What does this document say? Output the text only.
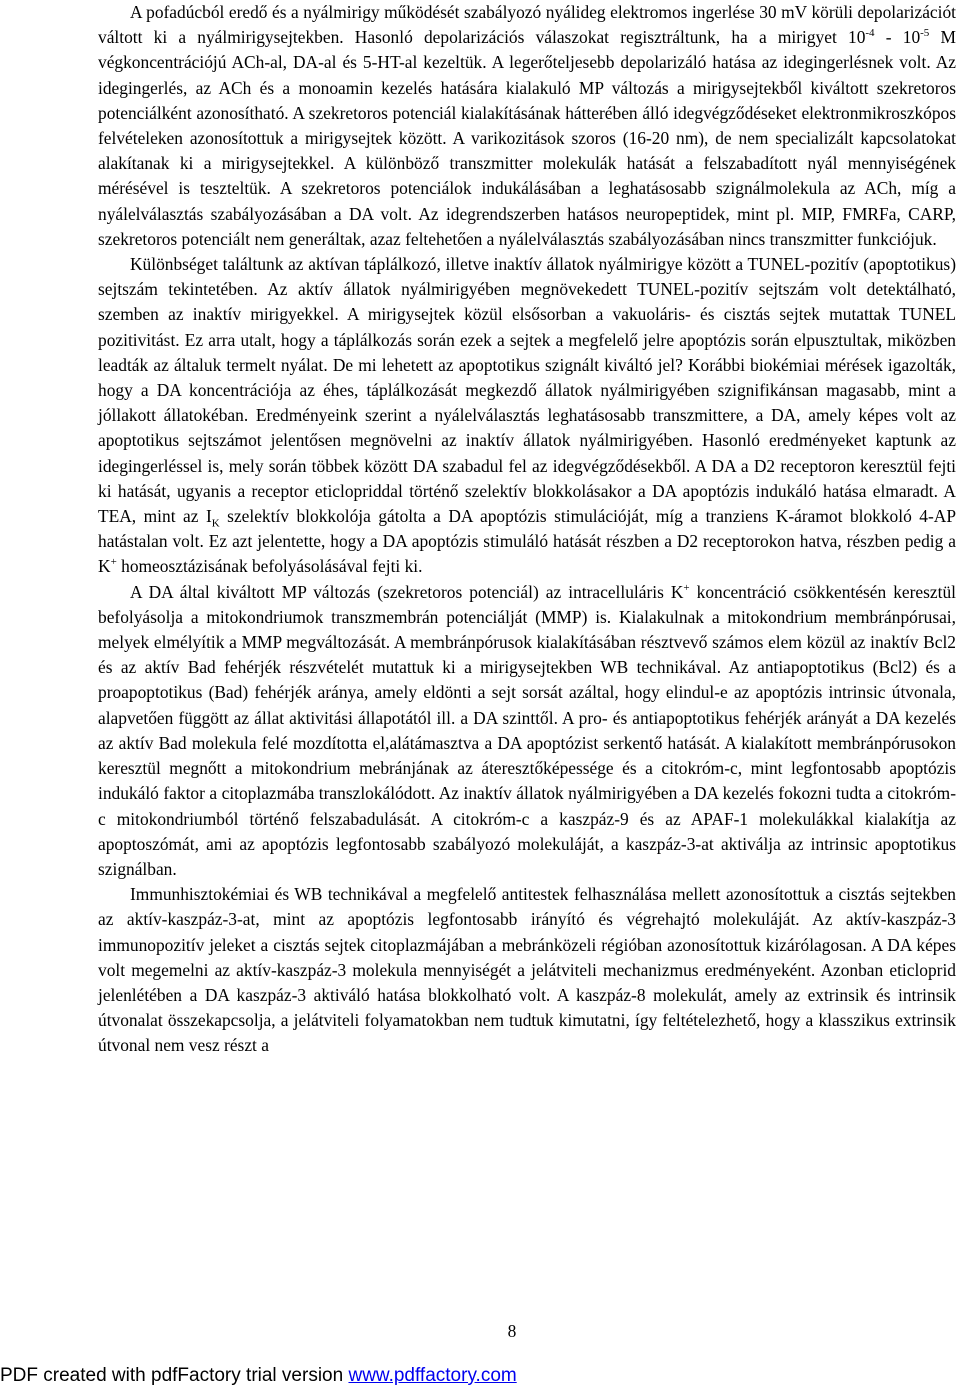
A pofadúcból eredő és a nyálmirigy működését szabályozó nyálideg elektromos ingerlése 30 mV körüli depolarizációt váltott ki a nyálmirigysejtekben. Hasonló depolarizációs válaszokat regisztráltunk, ha a mirigyet $10^{-4} - 10^{-5}$ M végkoncentrációjú ACh-al, DA-al és 5-HT-al kezeltük. A legerőteljesebb depolarizáló hatása az idegingerlésnek volt. Az idegingerlés, az ACh és a monoamin kezelés hatására kialakuló MP változás a mirigysejtekből kiváltott szekretoros potenciálként azonosítható. A szekretoros potenciál kialakításának hátterében álló idegvégződéseket elektronmikroszkópos felvételeken azonosítottuk a mirigysejtek között. A varikozitások szoros (16-20 nm), de nem specializált kapcsolatokat alakítanak ki a mirigysejtekkel. A különböző transzmitter molekulák hatását a felszabadított nyál mennyiségének mérésével is teszteltük. A szekretoros potenciálok indukálásában a leghatásosabb szignálmolekula az ACh, míg a nyálelválasztás szabályozásában a DA volt. Az idegrendszerben hatásos neuropeptidek, mint pl. MIP, FMRFa, CARP, szekretoros potenciált nem generáltak, azaz feltehetően a nyálelválasztás szabályozásában nincs transzmitter funkciójuk.

Különbséget találtunk az aktívan táplálkozó, illetve inaktív állatok nyálmirigye között a TUNEL-pozitív (apoptotikus) sejtszám tekintetében. Az aktív állatok nyálmirigyében megnövekedett TUNEL-pozitív sejtszám volt detektálható, szemben az inaktív mirigyekkel. A mirigysejtek közül elsősorban a vakuoláris- és cisztás sejtek mutattak TUNEL pozitivitást. Ez arra utalt, hogy a táplálkozás során ezek a sejtek a megfelelő jelre apoptózis során elpusztultak, miközben leadták az általuk termelt nyálat. De mi lehetett az apoptotikus szignált kiváltó jel? Korábbi biokémiai mérések igazolták, hogy a DA koncentrációja az éhes, táplálkozását megkezdő állatok nyálmirigyében szignifikánsan magasabb, mint a jóllakott állatokéban. Eredményeink szerint a nyálelválasztás leghatásosabb transzmittere, a DA, amely képes volt az apoptotikus sejtszámot jelentősen megnövelni az inaktív állatok nyálmirigyében. Hasonló eredményeket kaptunk az idegingerléssel is, mely során többek között DA szabadul fel az idegvégződésekből. A DA a D2 receptoron keresztül fejti ki hatását, ugyanis a receptor eticlopriddal történő szelektív blokkolásakor a DA apoptózis indukáló hatása elmaradt. A TEA, mint az $I_K$ szelektív blokkolója gátolta a DA apoptózis stimulációját, míg a tranziens K-áramot blokkoló 4-AP hatástalan volt. Ez azt jelentette, hogy a DA apoptózis stimuláló hatását részben a D2 receptorokon hatva, részben pedig a K+ homeosztázisának befolyásolásával fejti ki.

A DA által kiváltott MP változás (szekretoros potenciál) az intracelluláris K+ koncentráció csökkentésén keresztül befolyásolja a mitokondriumok transzmembrán potenciálját (MMP) is. Kialakulnak a mitokondrium membránpórusai, melyek elmélyítik a MMP megváltozását. A membránpórusok kialakításában résztvevő számos elem közül az inaktív Bcl2 és az aktív Bad fehérjék részvételét mutattuk ki a mirigysejtekben WB technikával. Az antiapoptotikus (Bcl2) és a proapoptotikus (Bad) fehérjék aránya, amely eldönti a sejt sorsát azáltal, hogy elindul-e az apoptózis intrinsic útvonala, alapvetően függött az állat aktivitási állapotától ill. a DA szinttől. A pro- és antiapoptotikus fehérjék arányát a DA kezelés az aktív Bad molekula felé mozdította el,alátámasztva a DA apoptózist serkentő hatását. A kialakított membránpórusokon keresztül megnőtt a mitokondrium mebránjának az áteresztőképessége és a citokróm-c, mint legfontosabb apoptózis indukáló faktor a citoplazmába transzlokálódott. Az inaktív állatok nyálmirigyében a DA kezelés fokozni tudta a citokróm-c mitokondriumból történő felszabadulását. A citokróm-c a kaszpáz-9 és az APAF-1 molekulákkal kialakítja az apoptoszómát, ami az apoptózis legfontosabb szabályozó molekuláját, a kaszpáz-3-at aktiválja az intrinsic apoptotikus szignálban.

Immunhisztokémiai és WB technikával a megfelelő antitestek felhasználása mellett azonosítottuk a cisztás sejtekben az aktív-kaszpáz-3-at, mint az apoptózis legfontosabb irányító és végrehajtó molekuláját. Az aktív-kaszpáz-3 immunopozitív jeleket a cisztás sejtek citoplazmájában a mebránközeli régióban azonosítottuk kizárólagosan. A DA képes volt megemelni az aktív-kaszpáz-3 molekula mennyiségét a jelátviteli mechanizmus eredményeként. Azonban eticloprid jelenlétében a DA kaszpáz-3 aktiváló hatása blokkolható volt. A kaszpáz-8 molekulát, amely az extrinsik és intrinsik útvonalat összekapcsolja, a jelátviteli folyamatokban nem tudtuk kimutatni, így feltételezhető, hogy a klasszikus extrinsik útvonal nem vesz részt a

8
PDF created with pdfFactory trial version www.pdffactory.com
